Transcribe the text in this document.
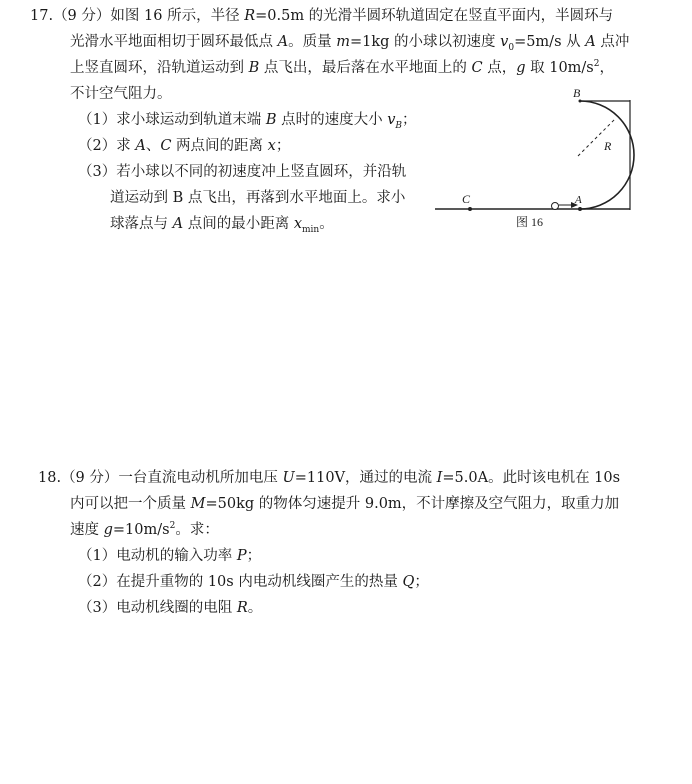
17.（9 分）如图 16 所示，半径 R=0.5m 的光滑半圆环轨道固定在竖直平面内，半圆环与
光滑水平地面相切于圆环最低点 A。质量 m=1kg 的小球以初速度 $v_0=5m/s$ 从 A 点冲
上竖直圆环，沿轨道运动到 B 点飞出，最后落在水平地面上的 C 点，g 取 $10m/s^2$，
不计空气阻力。
（1）求小球运动到轨道末端 B 点时的速度大小 $v_B$；
（2）求 A、C 两点间的距离 x；
（3）若小球以不同的初速度冲上竖直圆环，并沿轨
道运动到 B 点飞出，再落到水平地面上。求小
球落点与 A 点间的最小距离 $x_{min}$。
B
R
C	A
图 16
18.（9 分）一台直流电动机所加电压 U=110V，通过的电流 I=5.0A。此时该电机在 10s
内可以把一个质量 M=50kg 的物体匀速提升 9.0m，不计摩擦及空气阻力，取重力加
速度 $g=10m/s^2$。求：
（1）电动机的输入功率 P；
（2）在提升重物的 10s 内电动机线圈产生的热量 Q；
（3）电动机线圈的电阻 R。
